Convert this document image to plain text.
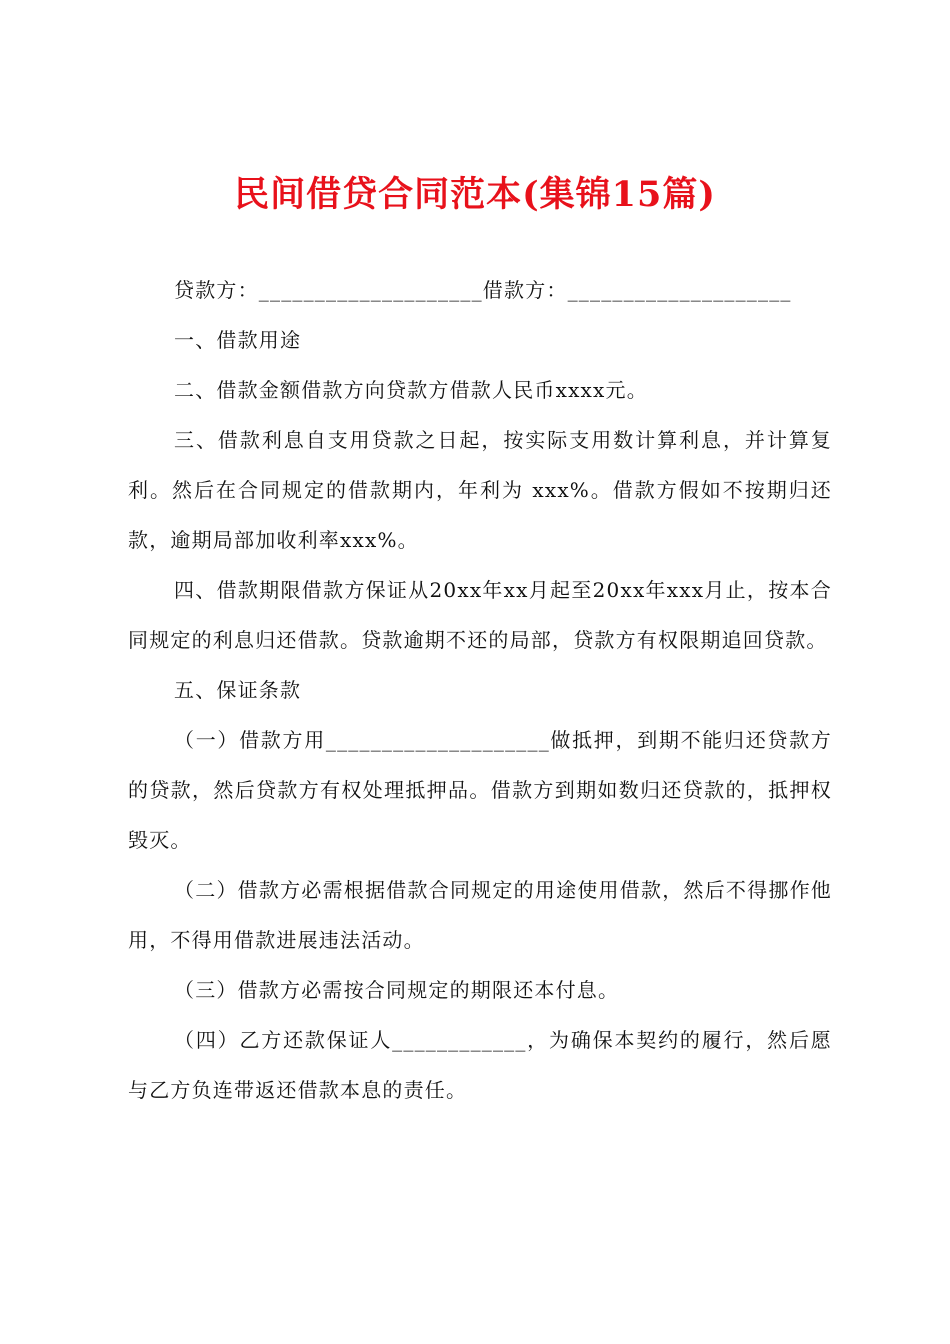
民间借贷合同范本(集锦15篇)

贷款方：____________________借款方：____________________

一、借款用途

二、借款金额借款方向贷款方借款人民币xxxx元。

三、借款利息自支用贷款之日起，按实际支用数计算利息，并计算复利。然后在合同规定的借款期内，年利为 xxx%。借款方假如不按期归还款，逾期局部加收利率xxx%。

四、借款期限借款方保证从20xx年xx月起至20xx年xxx月止，按本合同规定的利息归还借款。贷款逾期不还的局部，贷款方有权限期追回贷款。

五、保证条款

（一）借款方用____________________做抵押，到期不能归还贷款方的贷款，然后贷款方有权处理抵押品。借款方到期如数归还贷款的，抵押权毁灭。

（二）借款方必需根据借款合同规定的用途使用借款，然后不得挪作他用，不得用借款进展违法活动。

（三）借款方必需按合同规定的期限还本付息。

（四）乙方还款保证人____________，为确保本契约的履行，然后愿与乙方负连带返还借款本息的责任。
